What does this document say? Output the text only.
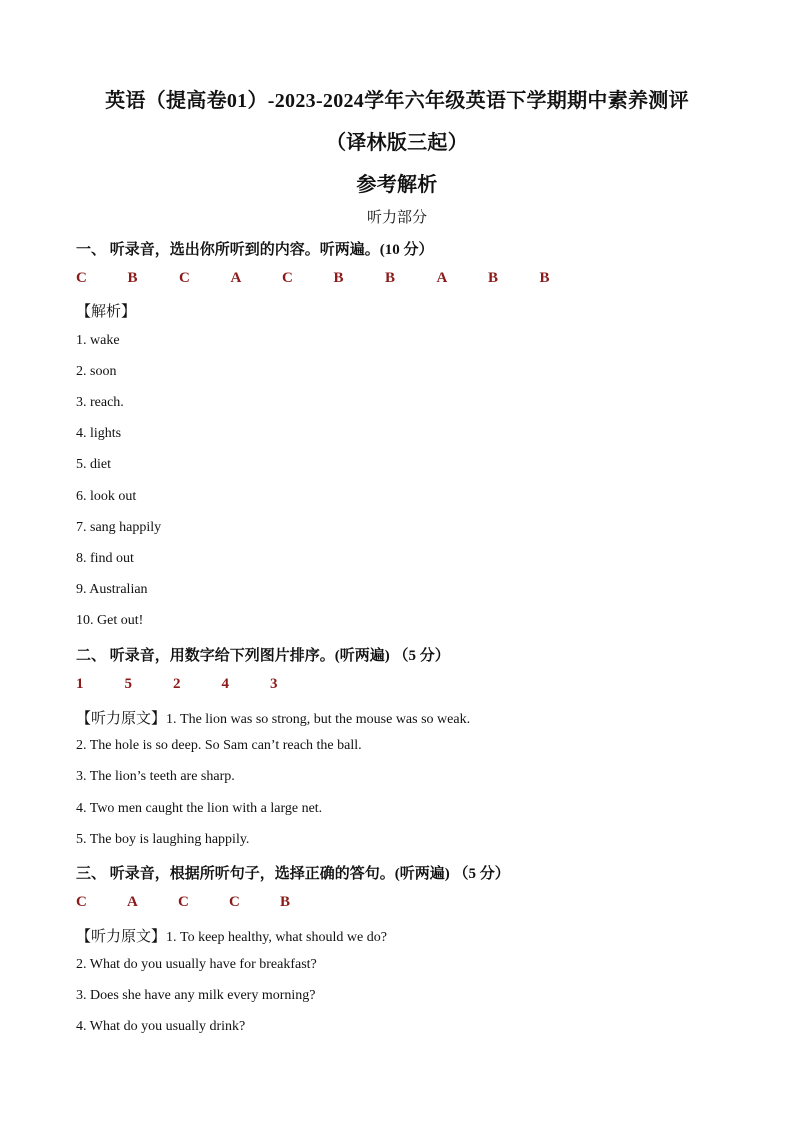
英语（提高卷01）-2023-2024学年六年级英语下学期期中素养测评
（译林版三起）
参考解析
听力部分
一、 听录音，选出你所听到的内容。听两遍。(10 分）
C	B	C	A	C	B	B	A	B	B
【解析】
1. wake
2. soon
3. reach.
4. lights
5. diet
6. look out
7. sang happily
8. find out
9. Australian
10. Get out!
二、 听录音，用数字给下列图片排序。(听两遍) （5 分）
1	5	2	4	3
【听力原文】1. The lion was so strong, but the mouse was so weak.
2. The hole is so deep. So Sam can’t reach the ball.
3. The lion’s teeth are sharp.
4. Two men caught the lion with a large net.
5. The boy is laughing happily.
三、 听录音，根据所听句子，选择正确的答句。(听两遍) （5 分）
C	A	C	C	B
【听力原文】1. To keep healthy, what should we do?
2. What do you usually have for breakfast?
3. Does she have any milk every morning?
4. What do you usually drink?
